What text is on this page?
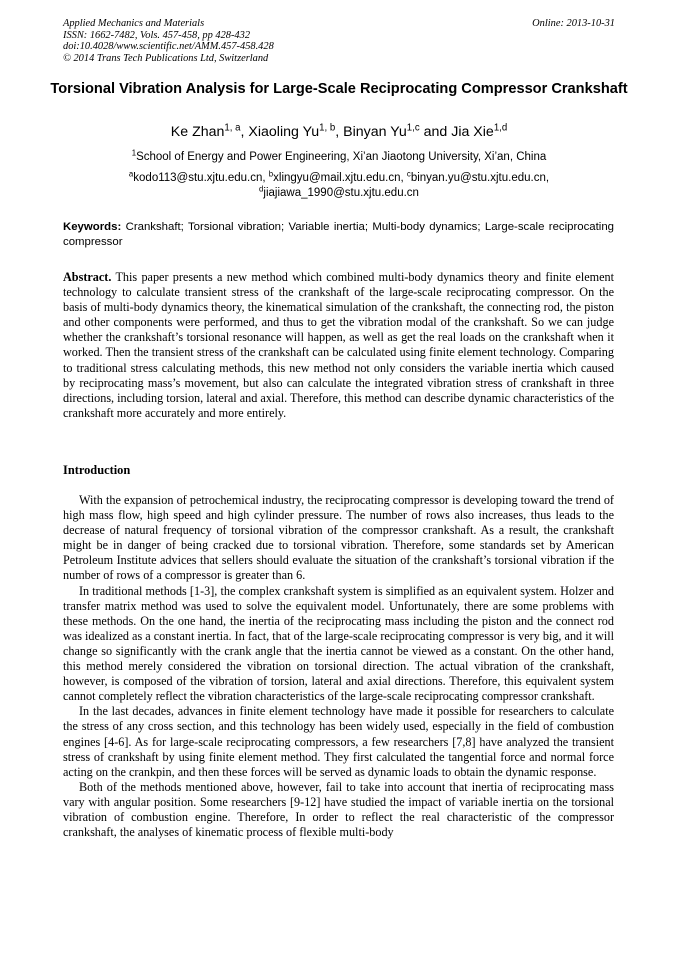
Applied Mechanics and Materials
ISSN: 1662-7482, Vols. 457-458, pp 428-432
doi:10.4028/www.scientific.net/AMM.457-458.428
© 2014 Trans Tech Publications Ltd, Switzerland
Online: 2013-10-31
Torsional Vibration Analysis for Large-Scale Reciprocating Compressor Crankshaft
Ke Zhan$^{1, a}$, Xiaoling Yu$^{1, b}$, Binyan Yu$^{1,c}$ and Jia Xie$^{1,d}$
$^1$School of Energy and Power Engineering, Xi’an Jiaotong University, Xi’an, China
$^a$kodo113@stu.xjtu.edu.cn, $^b$xlingyu@mail.xjtu.edu.cn, $^c$binyan.yu@stu.xjtu.edu.cn,
$^d$jiajiawa_1990@stu.xjtu.edu.cn
Keywords: Crankshaft; Torsional vibration; Variable inertia; Multi-body dynamics; Large-scale reciprocating compressor
Abstract. This paper presents a new method which combined multi-body dynamics theory and finite element technology to calculate transient stress of the crankshaft of the large-scale reciprocating compressor. On the basis of multi-body dynamics theory, the kinematical simulation of the crankshaft, the connecting rod, the piston and other components were performed, and thus to get the vibration modal of the crankshaft. So we can judge whether the crankshaft’s torsional resonance will happen, as well as get the real loads on the crankshaft when it worked. Then the transient stress of the crankshaft can be calculated using finite element technology. Comparing to traditional stress calculating methods, this new method not only considers the variable inertia which caused by reciprocating mass’s movement, but also can calculate the integrated vibration stress of crankshaft in three directions, including torsion, lateral and axial. Therefore, this method can describe dynamic characteristics of the crankshaft more accurately and more entirely.
Introduction

With the expansion of petrochemical industry, the reciprocating compressor is developing toward the trend of high mass flow, high speed and high cylinder pressure. The number of rows also increases, thus leads to the decrease of natural frequency of torsional vibration of the compressor crankshaft. As a result, the crankshaft might be in danger of being cracked due to torsional vibration. Therefore, some standards set by American Petroleum Institute advices that sellers should evaluate the situation of the crankshaft’s torsional vibration if the number of rows of a compressor is greater than 6.

In traditional methods [1-3], the complex crankshaft system is simplified as an equivalent system. Holzer and transfer matrix method was used to solve the equivalent model. Unfortunately, there are some problems with these methods. On the one hand, the inertia of the reciprocating mass including the piston and the connect rod was idealized as a constant inertia. In fact, that of the large-scale reciprocating compressor is very big, and it will change so significantly with the crank angle that the inertia cannot be viewed as a constant. On the other hand, this method merely considered the vibration on torsional direction. The actual vibration of the crankshaft, however, is composed of the vibration of torsion, lateral and axial directions. Therefore, this equivalent system cannot completely reflect the vibration characteristics of the large-scale reciprocating compressor crankshaft.

In the last decades, advances in finite element technology have made it possible for researchers to calculate the stress of any cross section, and this technology has been widely used, especially in the field of combustion engines [4-6]. As for large-scale reciprocating compressors, a few researchers [7,8] have analyzed the transient stress of crankshaft by using finite element method. They first calculated the tangential force and normal force acting on the crankpin, and then these forces will be served as dynamic loads to obtain the dynamic response.

Both of the methods mentioned above, however, fail to take into account that inertia of reciprocating mass vary with angular position. Some researchers [9-12] have studied the impact of variable inertia on the torsional vibration of combustion engine. Therefore, In order to reflect the real characteristic of the compressor crankshaft, the analyses of kinematic process of flexible multi-body
